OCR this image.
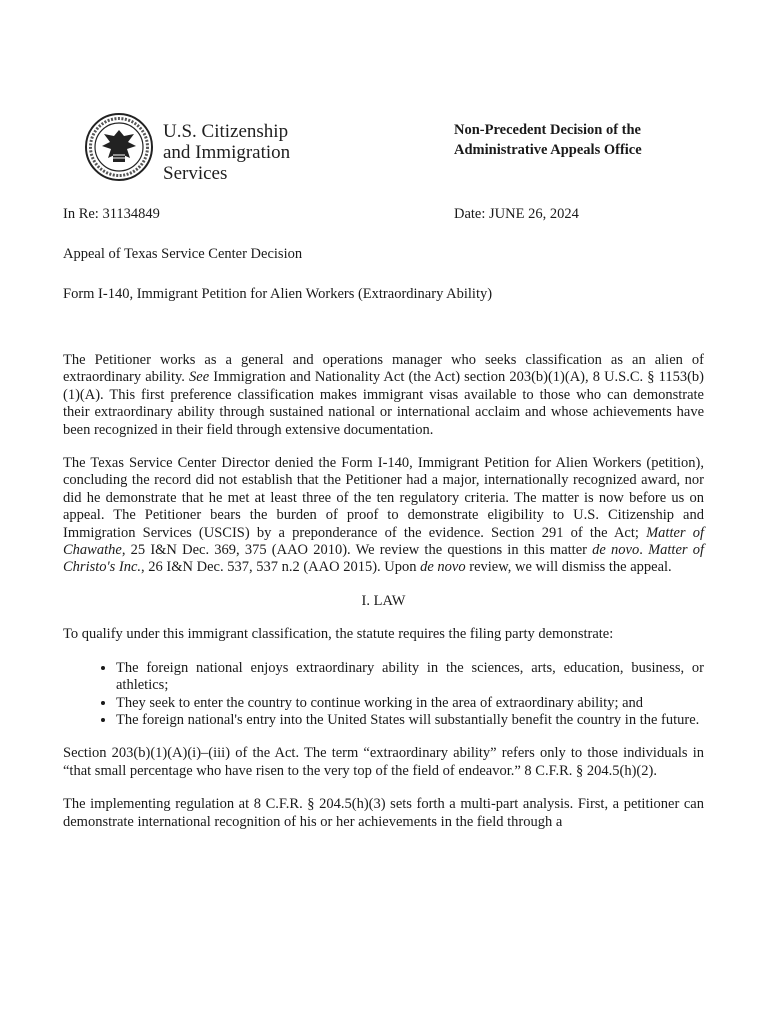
U.S. Citizenship
and Immigration
Services
Non-Precedent Decision of the
Administrative Appeals Office
In Re: 31134849	Date: JUNE 26, 2024
Appeal of Texas Service Center Decision
Form I-140, Immigrant Petition for Alien Workers (Extraordinary Ability)

The Petitioner works as a general and operations manager who seeks classification as an alien of extraordinary ability. See Immigration and Nationality Act (the Act) section 203(b)(1)(A), 8 U.S.C. § 1153(b)(1)(A). This first preference classification makes immigrant visas available to those who can demonstrate their extraordinary ability through sustained national or international acclaim and whose achievements have been recognized in their field through extensive documentation.

The Texas Service Center Director denied the Form I-140, Immigrant Petition for Alien Workers (petition), concluding the record did not establish that the Petitioner had a major, internationally recognized award, nor did he demonstrate that he met at least three of the ten regulatory criteria. The matter is now before us on appeal. The Petitioner bears the burden of proof to demonstrate eligibility to U.S. Citizenship and Immigration Services (USCIS) by a preponderance of the evidence. Section 291 of the Act; Matter of Chawathe, 25 I&N Dec. 369, 375 (AAO 2010). We review the questions in this matter de novo. Matter of Christo's Inc., 26 I&N Dec. 537, 537 n.2 (AAO 2015). Upon de novo review, we will dismiss the appeal.

I. LAW

To qualify under this immigrant classification, the statute requires the filing party demonstrate:

• The foreign national enjoys extraordinary ability in the sciences, arts, education, business, or athletics;
• They seek to enter the country to continue working in the area of extraordinary ability; and
• The foreign national's entry into the United States will substantially benefit the country in the future.

Section 203(b)(1)(A)(i)–(iii) of the Act. The term “extraordinary ability” refers only to those individuals in “that small percentage who have risen to the very top of the field of endeavor.” 8 C.F.R. § 204.5(h)(2).

The implementing regulation at 8 C.F.R. § 204.5(h)(3) sets forth a multi-part analysis. First, a petitioner can demonstrate international recognition of his or her achievements in the field through a
